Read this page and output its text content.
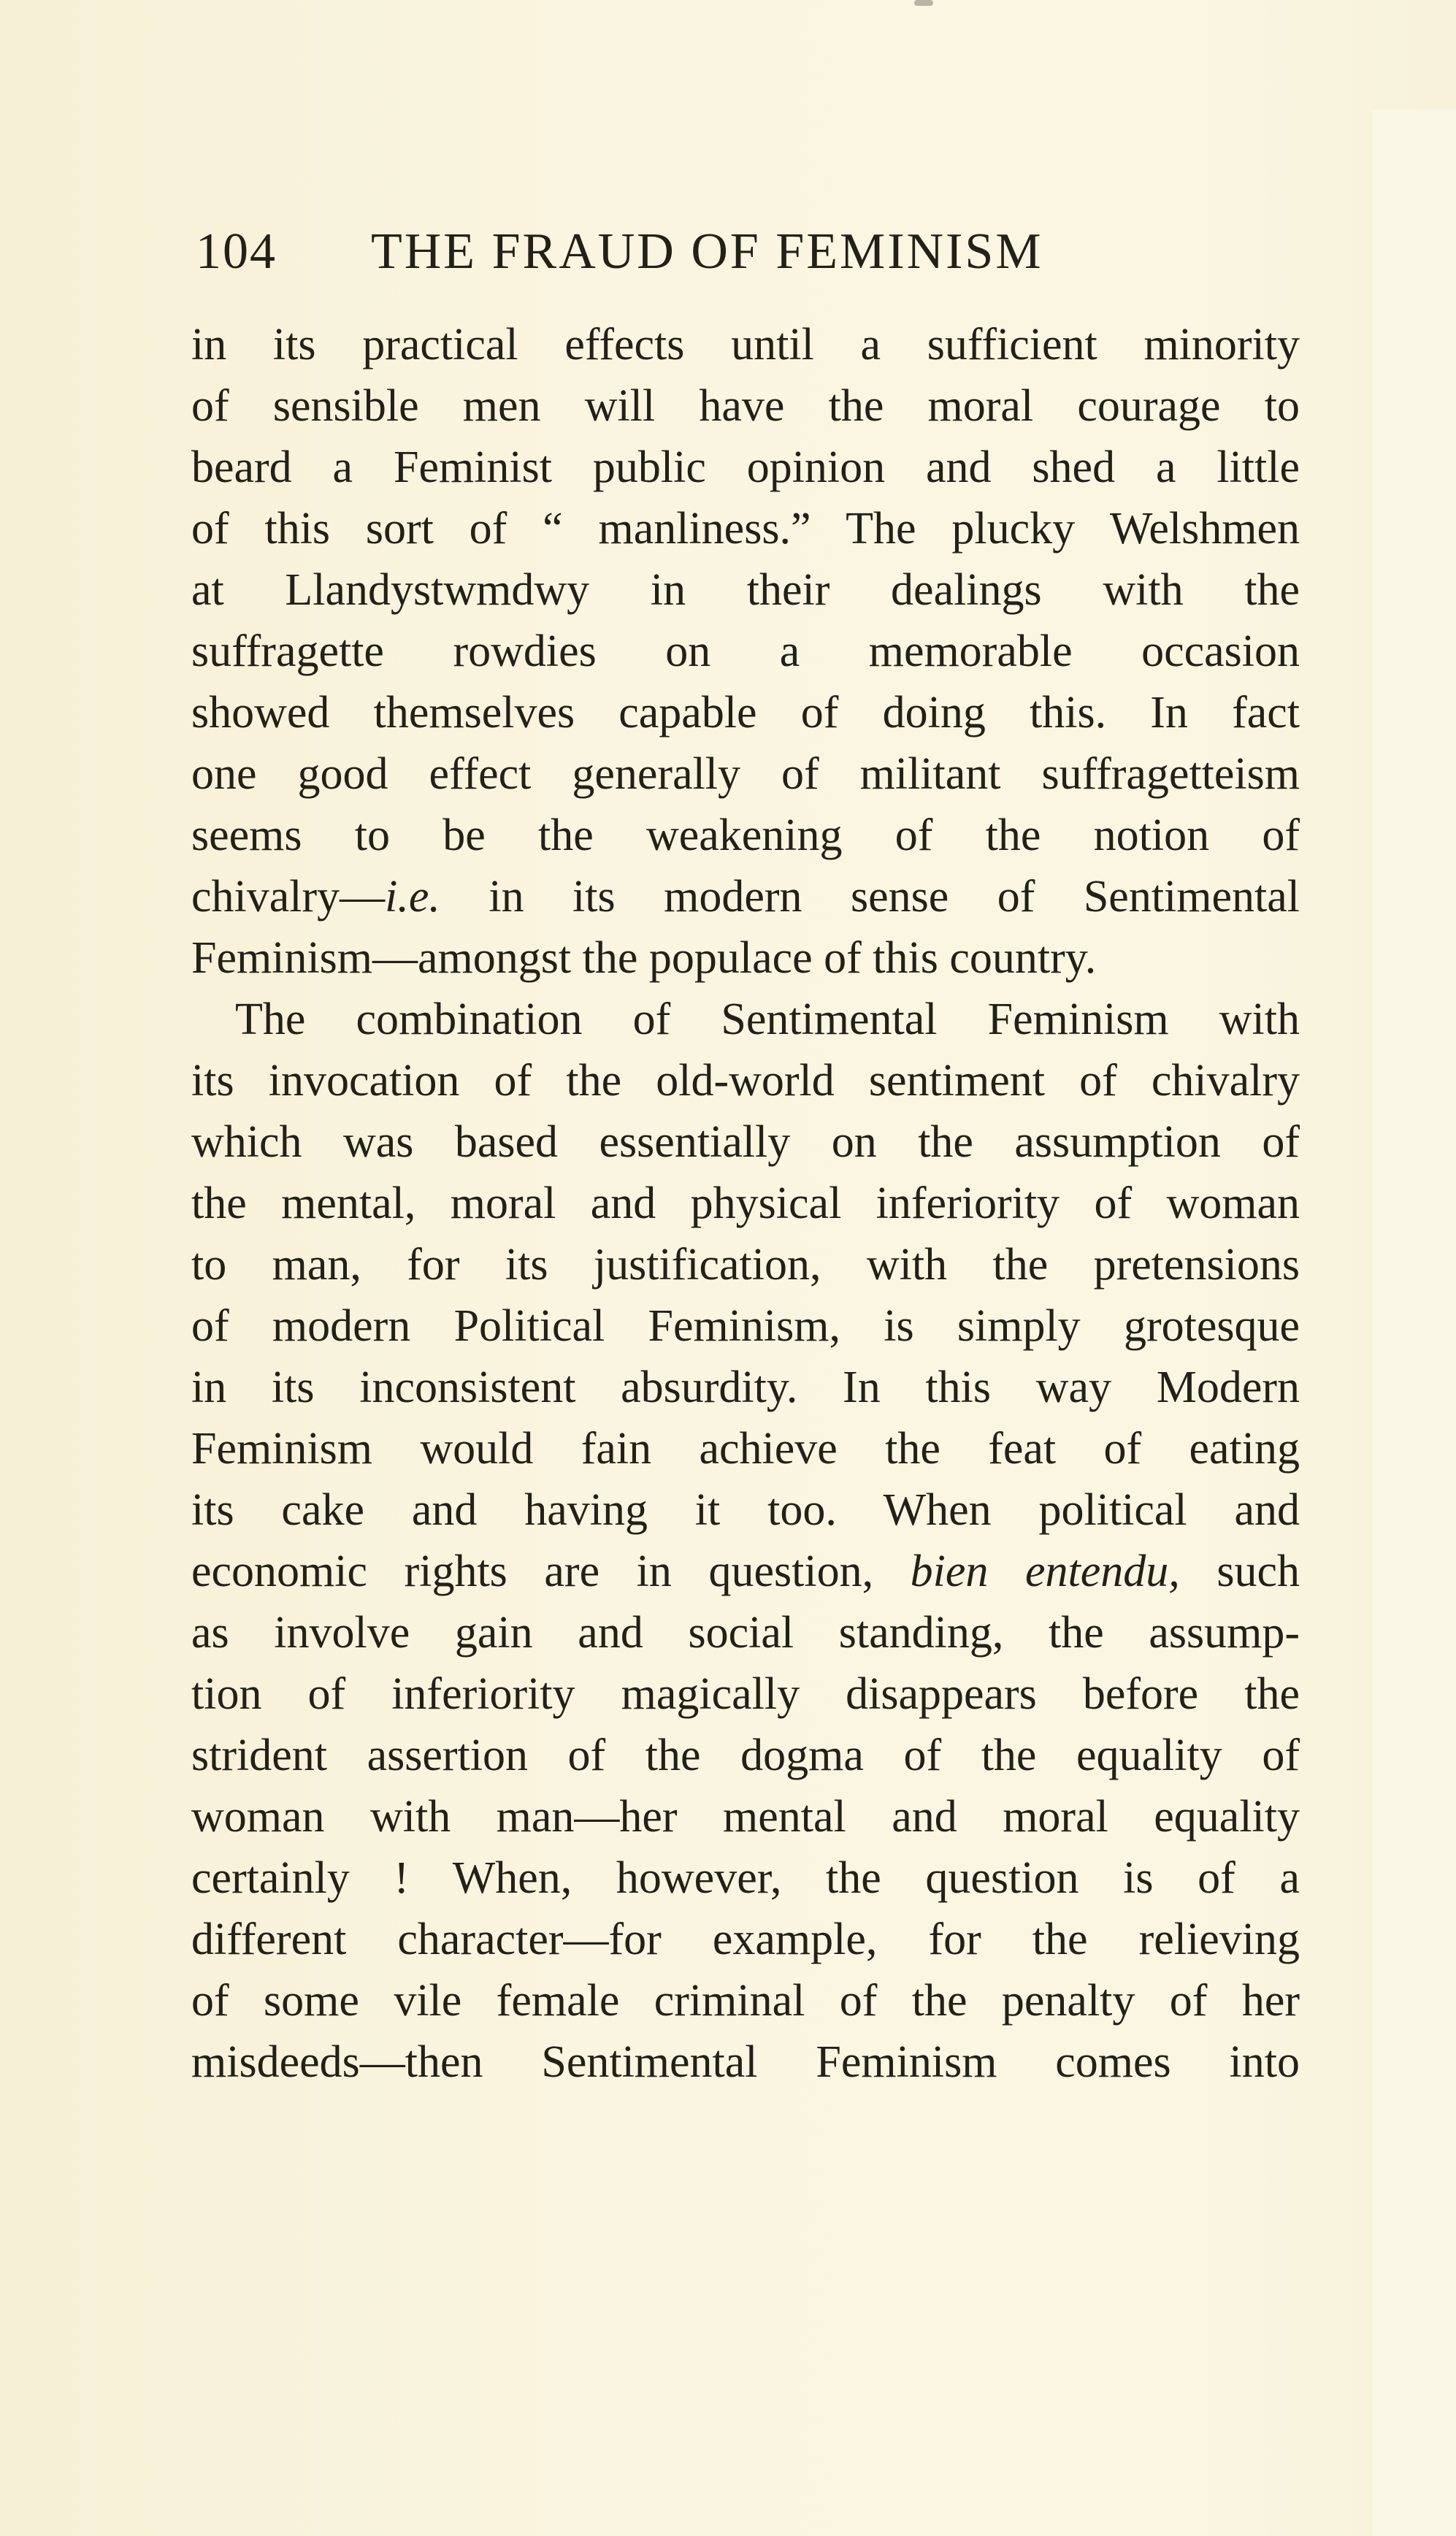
104 THE FRAUD OF FEMINISM
in its practical effects until a sufficient minority
of sensible men will have the moral courage to
beard a Feminist public opinion and shed a little
of this sort of “ manliness.” The plucky Welshmen
at Llandystwmdwy in their dealings with the
suffragette rowdies on a memorable occasion
showed themselves capable of doing this. In fact
one good effect generally of militant suffragetteism
seems to be the weakening of the notion of
chivalry—i.e. in its modern sense of Sentimental
Feminism—amongst the populace of this country.
The combination of Sentimental Feminism with
its invocation of the old-world sentiment of chivalry
which was based essentially on the assumption of
the mental, moral and physical inferiority of woman
to man, for its justification, with the pretensions
of modern Political Feminism, is simply grotesque
in its inconsistent absurdity. In this way Modern
Feminism would fain achieve the feat of eating
its cake and having it too. When political and
economic rights are in question, bien entendu, such
as involve gain and social standing, the assump-
tion of inferiority magically disappears before the
strident assertion of the dogma of the equality of
woman with man—her mental and moral equality
certainly ! When, however, the question is of a
different character—for example, for the relieving
of some vile female criminal of the penalty of her
misdeeds—then Sentimental Feminism comes into
